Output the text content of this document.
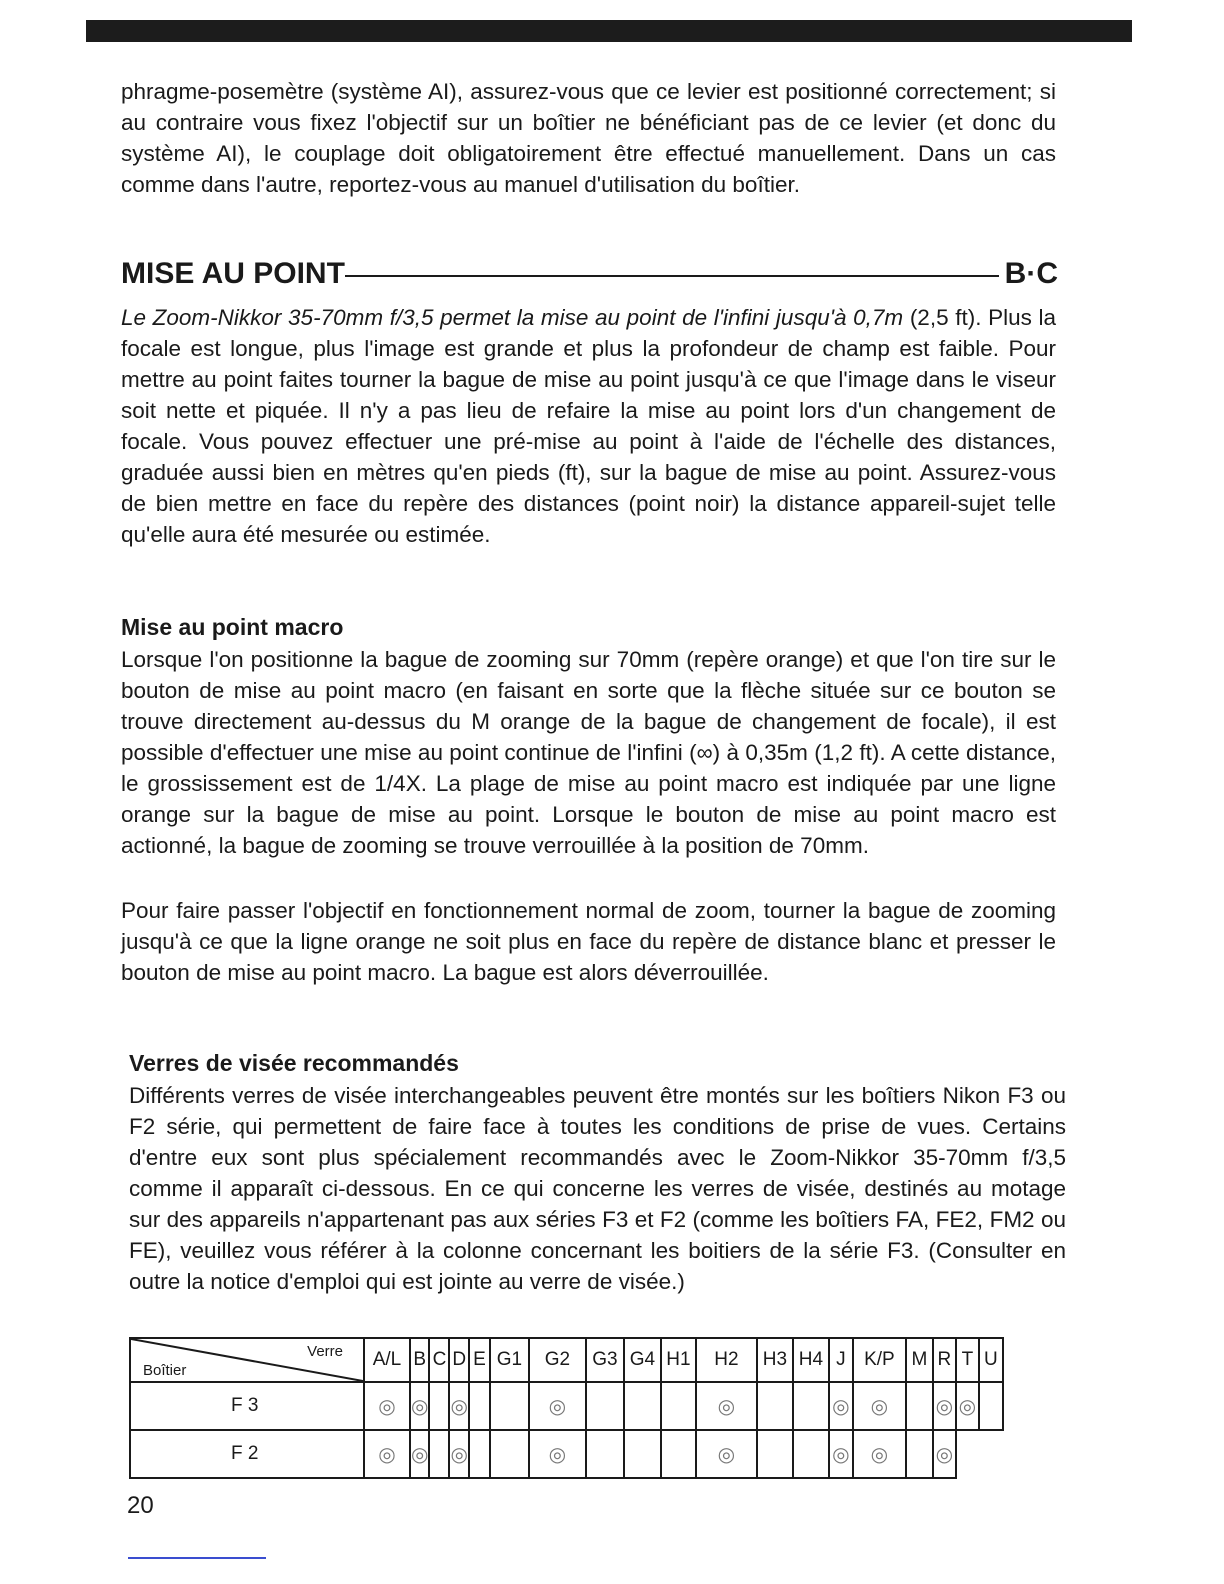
phragme-posemètre (système AI), assurez-vous que ce levier est positionné correctement; si au contraire vous fixez l'objectif sur un boîtier ne bénéficiant pas de ce levier (et donc du système AI), le couplage doit obligatoirement être effectué manuellement. Dans un cas comme dans l'autre, reportez-vous au manuel d'utilisation du boîtier.

MISE AU POINT	B·C

Le Zoom-Nikkor 35-70mm f/3,5 permet la mise au point de l'infini jusqu'à 0,7m (2,5 ft). Plus la focale est longue, plus l'image est grande et plus la profondeur de champ est faible. Pour mettre au point faites tourner la bague de mise au point jusqu'à ce que l'image dans le viseur soit nette et piquée. Il n'y a pas lieu de refaire la mise au point lors d'un changement de focale. Vous pouvez effectuer une pré-mise au point à l'aide de l'échelle des distances, graduée aussi bien en mètres qu'en pieds (ft), sur la bague de mise au point. Assurez-vous de bien mettre en face du repère des distances (point noir) la distance appareil-sujet telle qu'elle aura été mesurée ou estimée.

Mise au point macro

Lorsque l'on positionne la bague de zooming sur 70mm (repère orange) et que l'on tire sur le bouton de mise au point macro (en faisant en sorte que la flèche située sur ce bouton se trouve directement au-dessus du M orange de la bague de changement de focale), il est possible d'effectuer une mise au point continue de l'infini (∞) à 0,35m (1,2 ft). A cette distance, le grossissement est de 1/4X. La plage de mise au point macro est indiquée par une ligne orange sur la bague de mise au point. Lorsque le bouton de mise au point macro est actionné, la bague de zooming se trouve verrouillée à la position de 70mm.

Pour faire passer l'objectif en fonctionnement normal de zoom, tourner la bague de zooming jusqu'à ce que la ligne orange ne soit plus en face du repère de distance blanc et presser le bouton de mise au point macro. La bague est alors déverrouillée.

Verres de visée recommandés

Différents verres de visée interchangeables peuvent être montés sur les boîtiers Nikon F3 ou F2 série, qui permettent de faire face à toutes les conditions de prise de vues. Certains d'entre eux sont plus spécialement recommandés avec le Zoom-Nikkor 35-70mm f/3,5 comme il apparaît ci-dessous. En ce qui concerne les verres de visée, destinés au motage sur des appareils n'appartenant pas aux séries F3 et F2 (comme les boîtiers FA, FE2, FM2 ou FE), veuillez vous référer à la colonne concernant les boitiers de la série F3. (Consulter en outre la notice d'emploi qui est jointe au verre de visée.)

Verre
Boîtier	A/L	B	C	D	E	G1	G2	G3	G4	H1	H2	H3	H4	J	K/P	M	R	T	U
F 3	◎	◎		◎			◎				◎			◎	◎		◎	◎	
F 2	◎	◎		◎			◎				◎			◎	◎		◎		
20
